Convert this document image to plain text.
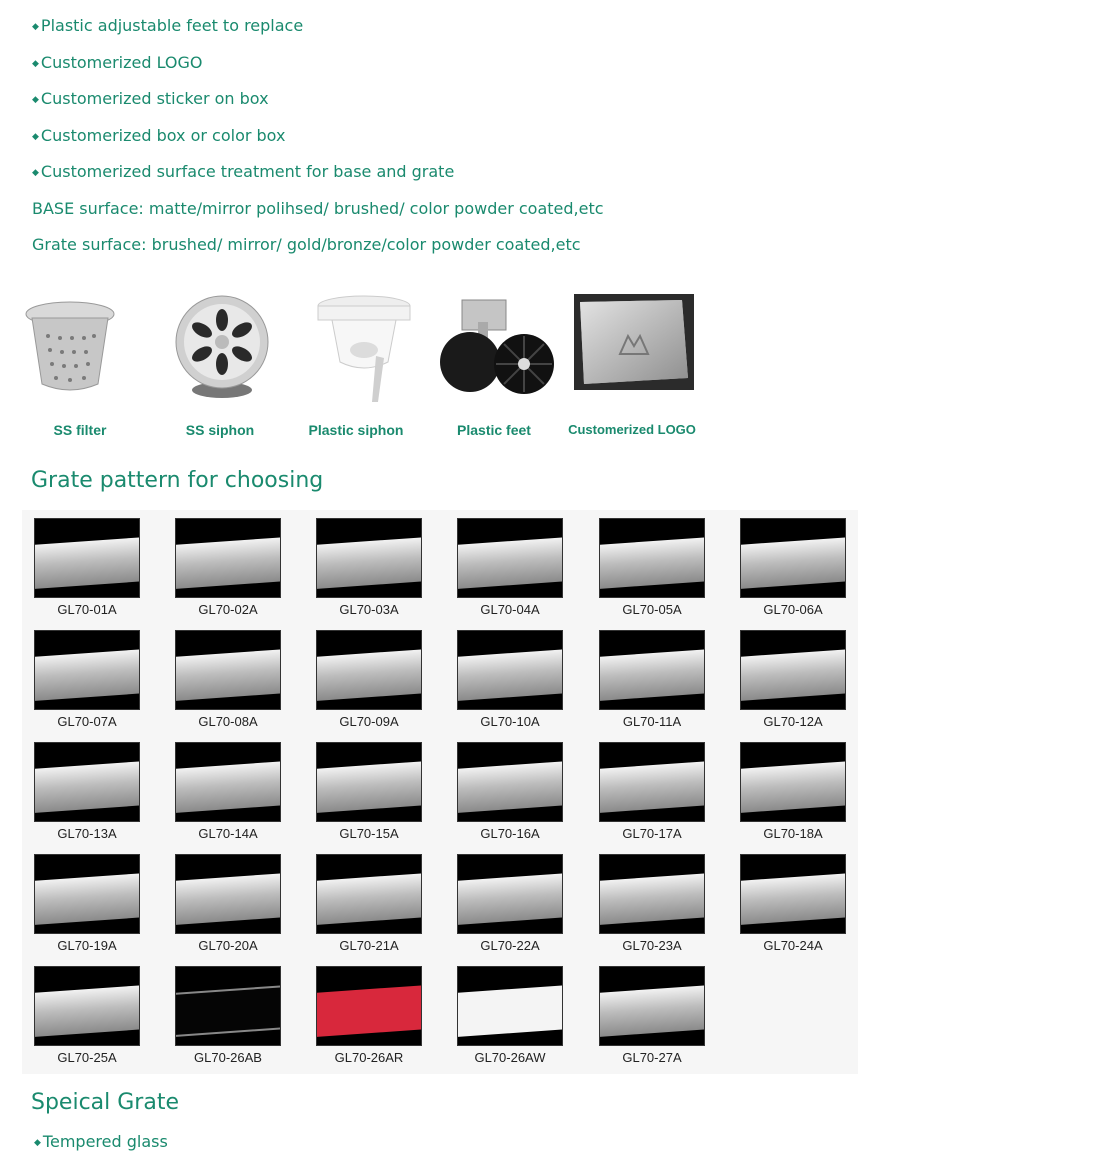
◆ Plastic adjustable feet to replace
◆ Customerized LOGO
◆ Customerized sticker on box
◆ Customerized box or color box
◆ Customerized surface treatment for base and grate
BASE surface: matte/mirror polihsed/ brushed/ color powder coated,etc
Grate surface: brushed/ mirror/ gold/bronze/color powder coated,etc
SS filter	SS siphon	Plastic siphon	Plastic feet	Customerized LOGO
Grate pattern for choosing
GL70-01A	GL70-02A	GL70-03A	GL70-04A	GL70-05A	GL70-06A
GL70-07A	GL70-08A	GL70-09A	GL70-10A	GL70-11A	GL70-12A
GL70-13A	GL70-14A	GL70-15A	GL70-16A	GL70-17A	GL70-18A
GL70-19A	GL70-20A	GL70-21A	GL70-22A	GL70-23A	GL70-24A
GL70-25A	GL70-26AB	GL70-26AR	GL70-26AW	GL70-27A
Speical Grate
◆ Tempered glass
